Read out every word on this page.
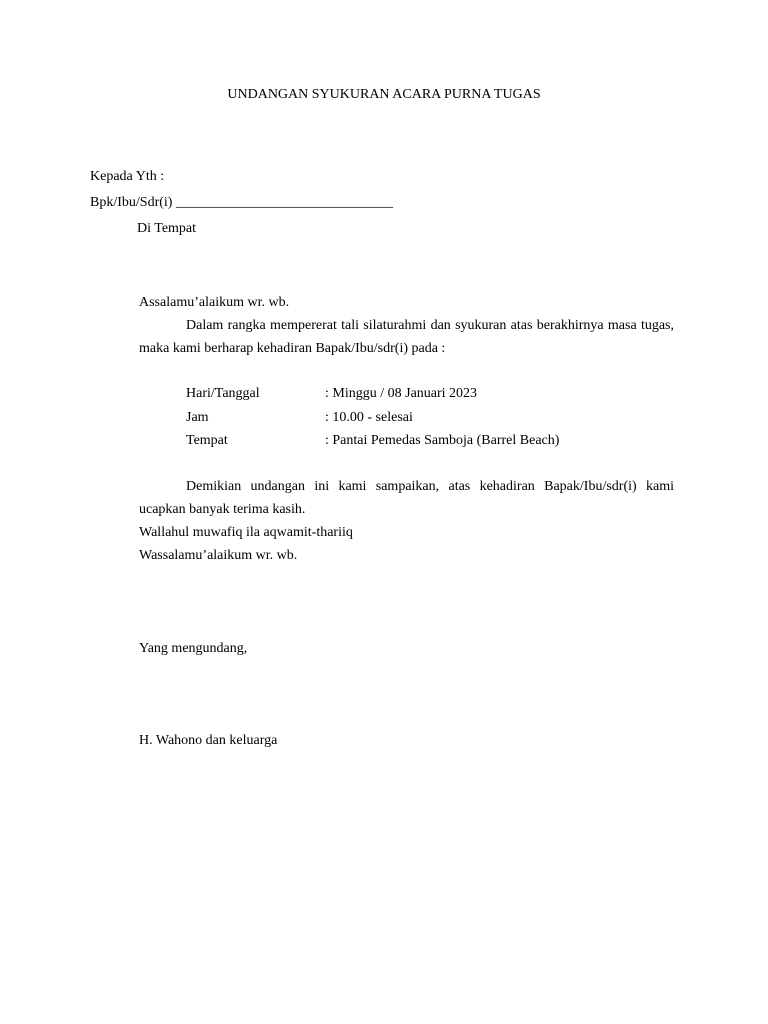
UNDANGAN SYUKURAN ACARA PURNA TUGAS
Kepada Yth :
Bpk/Ibu/Sdr(i) _______________________________
Di Tempat
Assalamu’alaikum wr. wb.
Dalam rangka mempererat tali silaturahmi dan syukuran atas berakhirnya masa tugas,
maka kami berharap kehadiran Bapak/Ibu/sdr(i) pada :
Hari/Tanggal	: Minggu / 08 Januari 2023
Jam	: 10.00 - selesai
Tempat	: Pantai Pemedas Samboja (Barrel Beach)
Demikian undangan ini kami sampaikan, atas kehadiran Bapak/Ibu/sdr(i) kami
ucapkan banyak terima kasih.
Wallahul muwafiq ila aqwamit-thariiq
Wassalamu’alaikum wr. wb.
Yang mengundang,
H. Wahono dan keluarga
